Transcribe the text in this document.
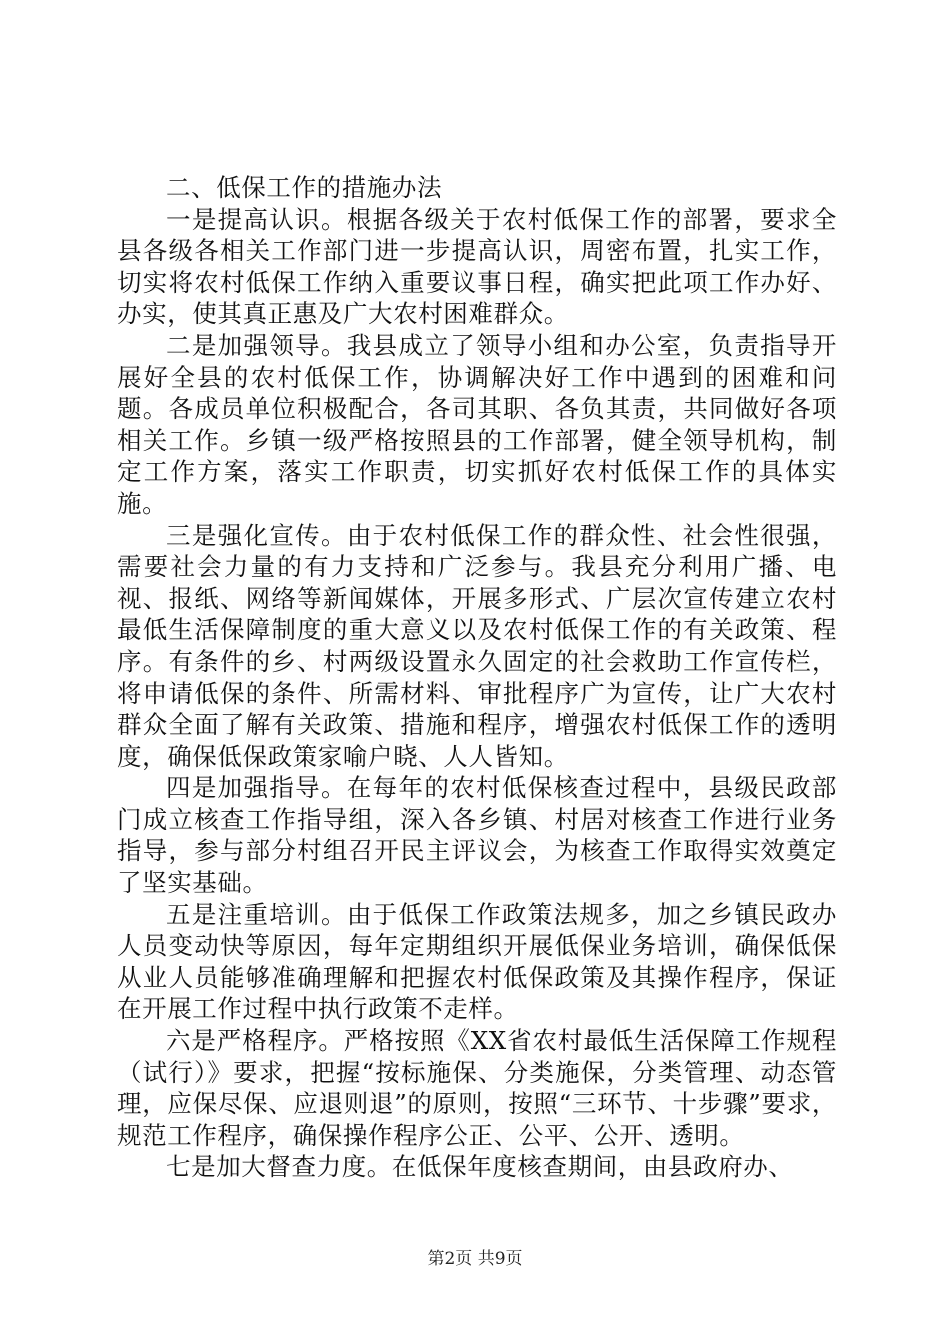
二、低保工作的措施办法

一是提高认识。根据各级关于农村低保工作的部署，要求全县各级各相关工作部门进一步提高认识，周密布置，扎实工作，切实将农村低保工作纳入重要议事日程，确实把此项工作办好、办实，使其真正惠及广大农村困难群众。

二是加强领导。我县成立了领导小组和办公室，负责指导开展好全县的农村低保工作，协调解决好工作中遇到的困难和问题。各成员单位积极配合，各司其职、各负其责，共同做好各项相关工作。乡镇一级严格按照县的工作部署，健全领导机构，制定工作方案，落实工作职责，切实抓好农村低保工作的具体实施。

三是强化宣传。由于农村低保工作的群众性、社会性很强，需要社会力量的有力支持和广泛参与。我县充分利用广播、电视、报纸、网络等新闻媒体，开展多形式、广层次宣传建立农村最低生活保障制度的重大意义以及农村低保工作的有关政策、程序。有条件的乡、村两级设置永久固定的社会救助工作宣传栏，将申请低保的条件、所需材料、审批程序广为宣传，让广大农村群众全面了解有关政策、措施和程序，增强农村低保工作的透明度，确保低保政策家喻户晓、人人皆知。

四是加强指导。在每年的农村低保核查过程中，县级民政部门成立核查工作指导组，深入各乡镇、村居对核查工作进行业务指导，参与部分村组召开民主评议会，为核查工作取得实效奠定了坚实基础。

五是注重培训。由于低保工作政策法规多，加之乡镇民政办人员变动快等原因，每年定期组织开展低保业务培训，确保低保从业人员能够准确理解和把握农村低保政策及其操作程序，保证在开展工作过程中执行政策不走样。

六是严格程序。严格按照《XX省农村最低生活保障工作规程（试行）》要求，把握“按标施保、分类施保，分类管理、动态管理，应保尽保、应退则退”的原则，按照“三环节、十步骤”要求，规范工作程序，确保操作程序公正、公平、公开、透明。

七是加大督查力度。在低保年度核查期间，由县政府办、

第2页 共9页
